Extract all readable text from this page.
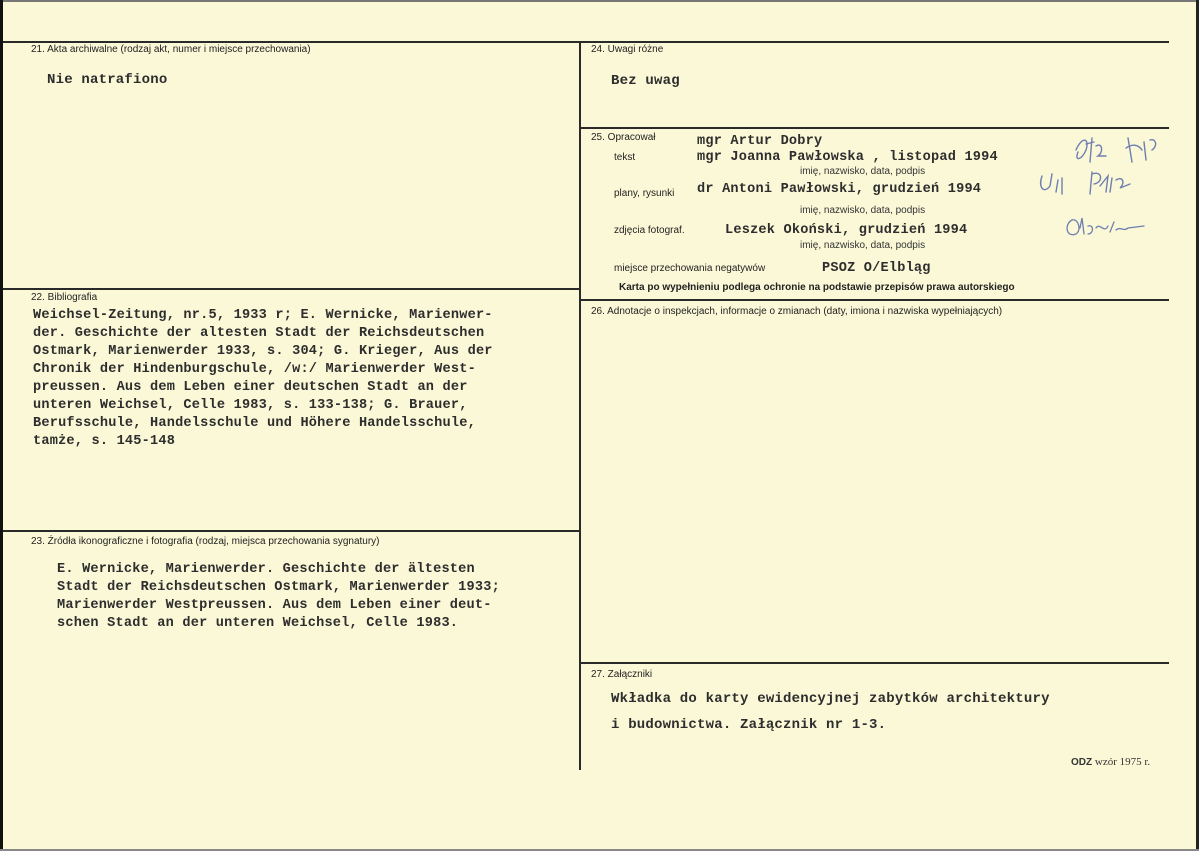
21. Akta archiwalne (rodzaj akt, numer i miejsce przechowania)
Nie natrafiono
22. Bibliografia
Weichsel-Zeitung, nr.5, 1933 r; E. Wernicke, Marienwer-
der. Geschichte der altesten Stadt der Reichsdeutschen
Ostmark, Marienwerder 1933, s. 304; G. Krieger, Aus der
Chronik der Hindenburgschule, /w:/ Marienwerder West-
preussen. Aus dem Leben einer deutschen Stadt an der
unteren Weichsel, Celle 1983, s. 133-138; G. Brauer,
Berufsschule, Handelsschule und Höhere Handelsschule,
tamże, s. 145-148
23. Źródła ikonograficzne i fotografia (rodzaj, miejsca przechowania sygnatury)
E. Wernicke, Marienwerder. Geschichte der ältesten
Stadt der Reichsdeutschen Ostmark, Marienwerder 1933;
Marienwerder Westpreussen. Aus dem Leben einer deut-
schen Stadt an der unteren Weichsel, Celle 1983.
24. Uwagi różne
Bez uwag
25. Opracował
tekst
mgr Artur Dobry
mgr Joanna Pawłowska , listopad 1994
imię, nazwisko, data, podpis
plany, rysunki dr Antoni Pawłowski, grudzień 1994
imię, nazwisko, data, podpis
zdjęcia fotograf.	Leszek Okoński, grudzień 1994
imię, nazwisko, data, podpis
miejsce przechowania negatywów	PSOZ O/Elbląg
Karta po wypełnieniu podlega ochronie na podstawie przepisów prawa autorskiego
26. Adnotacje o inspekcjach, informacje o zmianach (daty, imiona i nazwiska wypełniających)
27. Załączniki
Wkładka do karty ewidencyjnej zabytków architektury
i budownictwa. Załącznik nr 1-3.
ODZ wzór 1975 r.
